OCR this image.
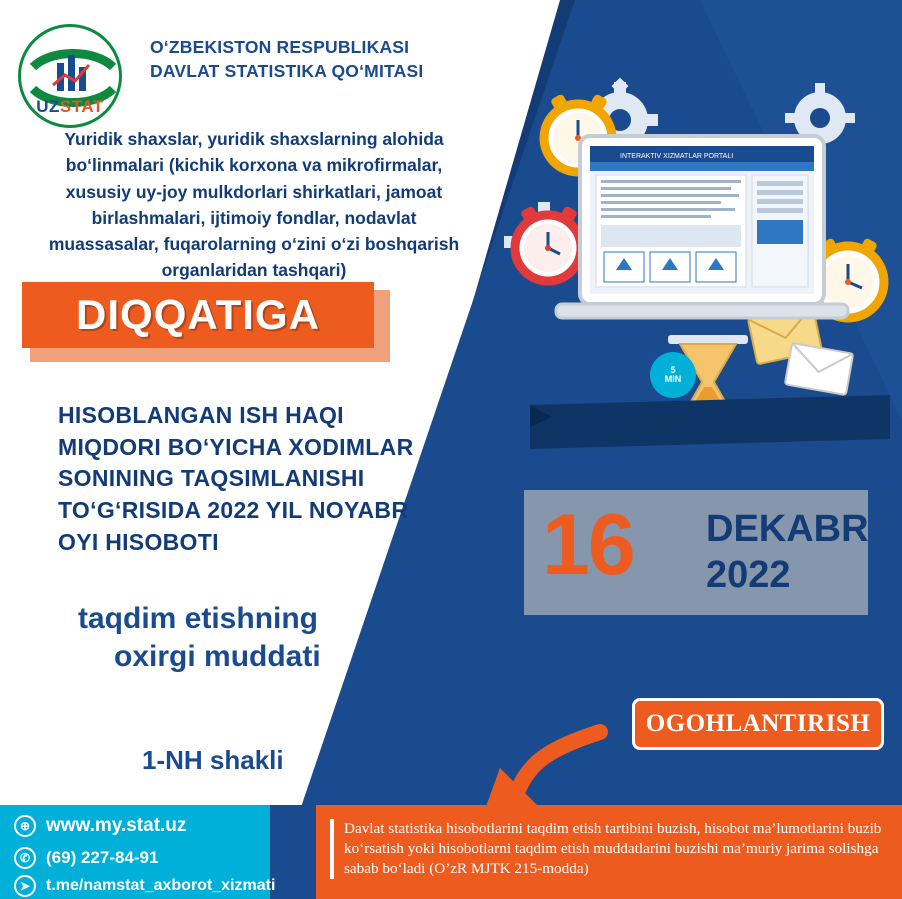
INTERAKTIV XIZMATLAR PORTALI
5
MIN
UZSTAT
O‘ZBEKISTON RESPUBLIKASI
DAVLAT STATISTIKA QO‘MITASI
Yuridik shaxslar, yuridik shaxslarning alohida bo‘linmalari (kichik korxona va mikrofirmalar, xususiy uy-joy mulkdorlari shirkatlari, jamoat birlashmalari, ijtimoiy fondlar, nodavlat muassasalar, fuqarolarning o‘zini o‘zi boshqarish organlaridan tashqari)
DIQQATIGA
HISOBLANGAN ISH HAQI
MIQDORI BO‘YICHA XODIMLAR
SONINING TAQSIMLANISHI
TO‘G‘RISIDA 2022 YIL NOYABR
OYI HISOBOTI
taqdim etishning
oxirgi muddati
1-NH shakli
16 DEKABR
2022
OGOHLANTIRISH
⊕ www.my.stat.uz
✆ (69) 227-84-91
➤ t.me/namstat_axborot_xizmati
Davlat statistika hisobotlarini taqdim etish tartibini buzish, hisobot ma’lumotlarini buzib ko‘rsatish yoki hisobotlarni taqdim etish muddatlarini buzishi ma’muriy jarima solishga sabab bo‘ladi (O’zR MJTK 215-modda)
